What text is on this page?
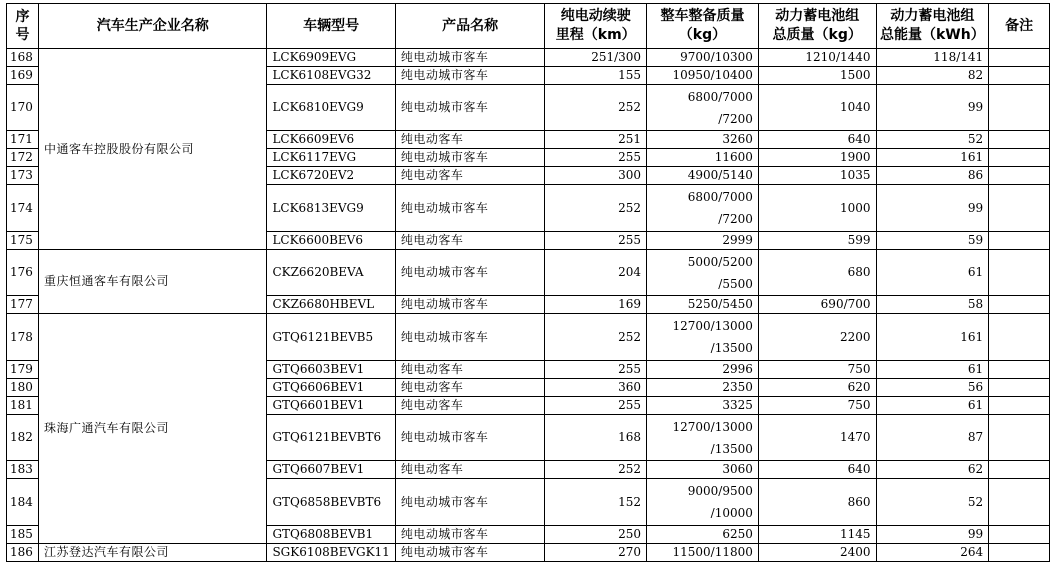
序
号	汽车生产企业名称	车辆型号	产品名称	纯电动续驶
里程（km）	整车整备质量
（kg）	动力蓄电池组
总质量（kg）	动力蓄电池组
总能量（kWh）	备注
168	中通客车控股股份有限公司	LCK6909EVG	纯电动城市客车	251/300	9700/10300	1210/1440	118/141	
169		LCK6108EVG32	纯电动城市客车	155	10950/10400	1500	82	
170		LCK6810EVG9	纯电动城市客车	252	6800/7000
/7200	1040	99	
171		LCK6609EV6	纯电动客车	251	3260	640	52	
172		LCK6117EVG	纯电动城市客车	255	11600	1900	161	
173		LCK6720EV2	纯电动客车	300	4900/5140	1035	86	
174		LCK6813EVG9	纯电动城市客车	252	6800/7000
/7200	1000	99	
175		LCK6600BEV6	纯电动客车	255	2999	599	59	
176	重庆恒通客车有限公司	CKZ6620BEVA	纯电动城市客车	204	5000/5200
/5500	680	61	
177		CKZ6680HBEVL	纯电动城市客车	169	5250/5450	690/700	58	
178	珠海广通汽车有限公司	GTQ6121BEVB5	纯电动城市客车	252	12700/13000
/13500	2200	161	
179		GTQ6603BEV1	纯电动客车	255	2996	750	61	
180		GTQ6606BEV1	纯电动客车	360	2350	620	56	
181		GTQ6601BEV1	纯电动客车	255	3325	750	61	
182		GTQ6121BEVBT6	纯电动城市客车	168	12700/13000
/13500	1470	87	
183		GTQ6607BEV1	纯电动客车	252	3060	640	62	
184		GTQ6858BEVBT6	纯电动城市客车	152	9000/9500
/10000	860	52	
185		GTQ6808BEVB1	纯电动城市客车	250	6250	1145	99	
186	江苏登达汽车有限公司	SGK6108BEVGK11	纯电动城市客车	270	11500/11800	2400	264	
